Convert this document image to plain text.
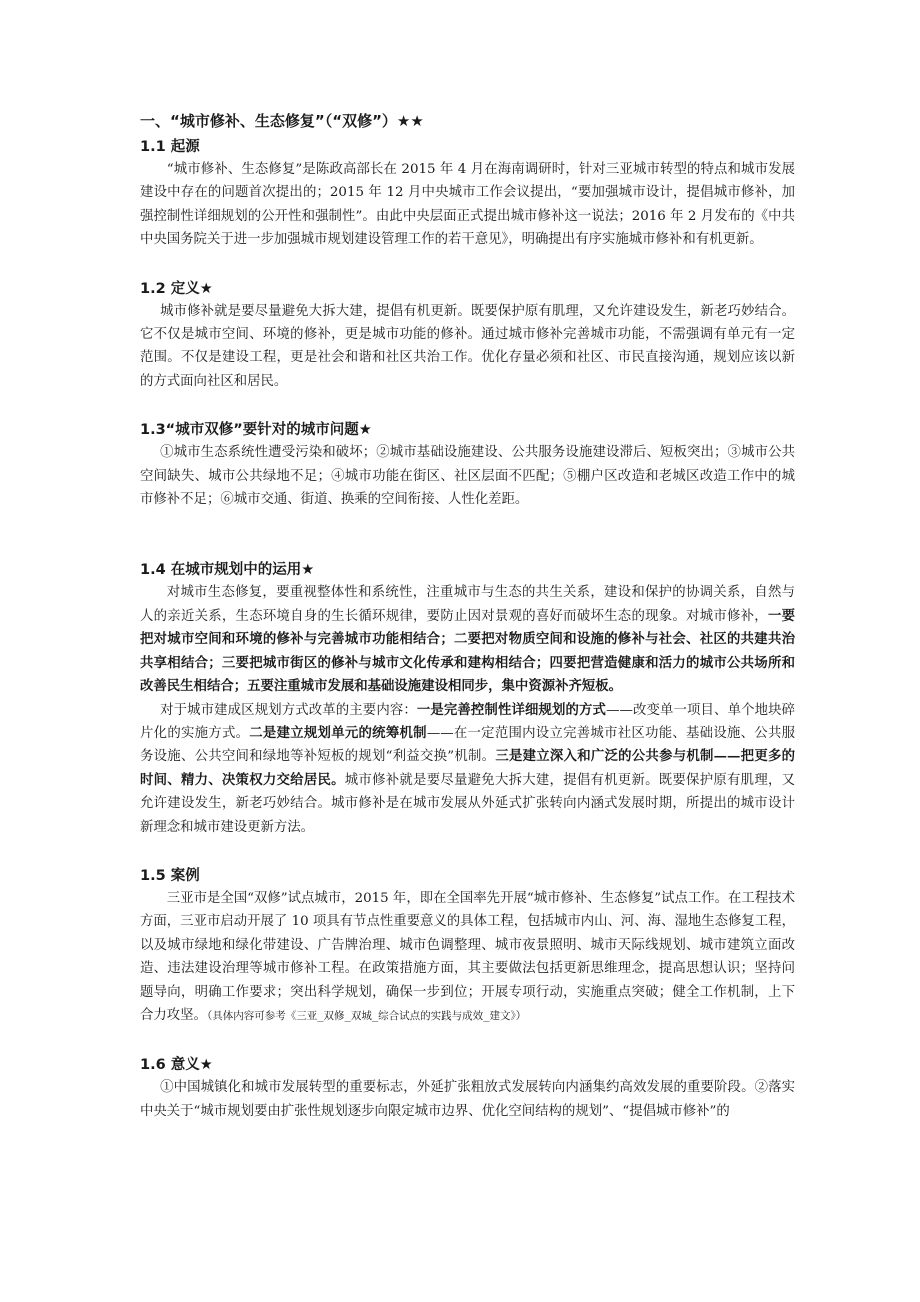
一、“城市修补、生态修复”（“双修”）★★
1.1 起源

“城市修补、生态修复”是陈政高部长在 2015 年 4 月在海南调研时，针对三亚城市转型的特点和城市发展建设中存在的问题首次提出的；2015 年 12 月中央城市工作会议提出，“要加强城市设计，提倡城市修补，加强控制性详细规划的公开性和强制性”。由此中央层面正式提出城市修补这一说法；2016 年 2 月发布的《中共中央国务院关于进一步加强城市规划建设管理工作的若干意见》，明确提出有序实施城市修补和有机更新。

1.2 定义★

城市修补就是要尽量避免大拆大建，提倡有机更新。既要保护原有肌理，又允许建设发生，新老巧妙结合。它不仅是城市空间、环境的修补，更是城市功能的修补。通过城市修补完善城市功能，不需强调有单元有一定范围。不仅是建设工程，更是社会和谐和社区共治工作。优化存量必须和社区、市民直接沟通，规划应该以新的方式面向社区和居民。

1.3“城市双修”要针对的城市问题★

①城市生态系统性遭受污染和破坏；②城市基础设施建设、公共服务设施建设滞后、短板突出；③城市公共空间缺失、城市公共绿地不足；④城市功能在街区、社区层面不匹配；⑤棚户区改造和老城区改造工作中的城市修补不足；⑥城市交通、街道、换乘的空间衔接、人性化差距。

1.4 在城市规划中的运用★

对城市生态修复，要重视整体性和系统性，注重城市与生态的共生关系，建设和保护的协调关系，自然与人的亲近关系，生态环境自身的生长循环规律，要防止因对景观的喜好而破坏生态的现象。对城市修补，一要把对城市空间和环境的修补与完善城市功能相结合；二要把对物质空间和设施的修补与社会、社区的共建共治共享相结合；三要把城市街区的修补与城市文化传承和建构相结合；四要把营造健康和活力的城市公共场所和改善民生相结合；五要注重城市发展和基础设施建设相同步，集中资源补齐短板。

对于城市建成区规划方式改革的主要内容：一是完善控制性详细规划的方式——改变单一项目、单个地块碎片化的实施方式。二是建立规划单元的统筹机制——在一定范围内设立完善城市社区功能、基础设施、公共服务设施、公共空间和绿地等补短板的规划“利益交换”机制。三是建立深入和广泛的公共参与机制——把更多的时间、精力、决策权力交给居民。城市修补就是要尽量避免大拆大建，提倡有机更新。既要保护原有肌理，又允许建设发生，新老巧妙结合。城市修补是在城市发展从外延式扩张转向内涵式发展时期，所提出的城市设计新理念和城市建设更新方法。

1.5 案例

三亚市是全国“双修”试点城市，2015 年，即在全国率先开展“城市修补、生态修复”试点工作。在工程技术方面，三亚市启动开展了 10 项具有节点性重要意义的具体工程，包括城市内山、河、海、湿地生态修复工程，以及城市绿地和绿化带建设、广告牌治理、城市色调整理、城市夜景照明、城市天际线规划、城市建筑立面改造、违法建设治理等城市修补工程。在政策措施方面，其主要做法包括更新思维理念，提高思想认识；坚持问题导向，明确工作要求；突出科学规划，确保一步到位；开展专项行动，实施重点突破；健全工作机制，上下合力攻坚。（具体内容可参考《三亚_双修_双城_综合试点的实践与成效_建文》）

1.6 意义★

①中国城镇化和城市发展转型的重要标志，外延扩张粗放式发展转向内涵集约高效发展的重要阶段。②落实中央关于“城市规划要由扩张性规划逐步向限定城市边界、优化空间结构的规划”、“提倡城市修补”的
